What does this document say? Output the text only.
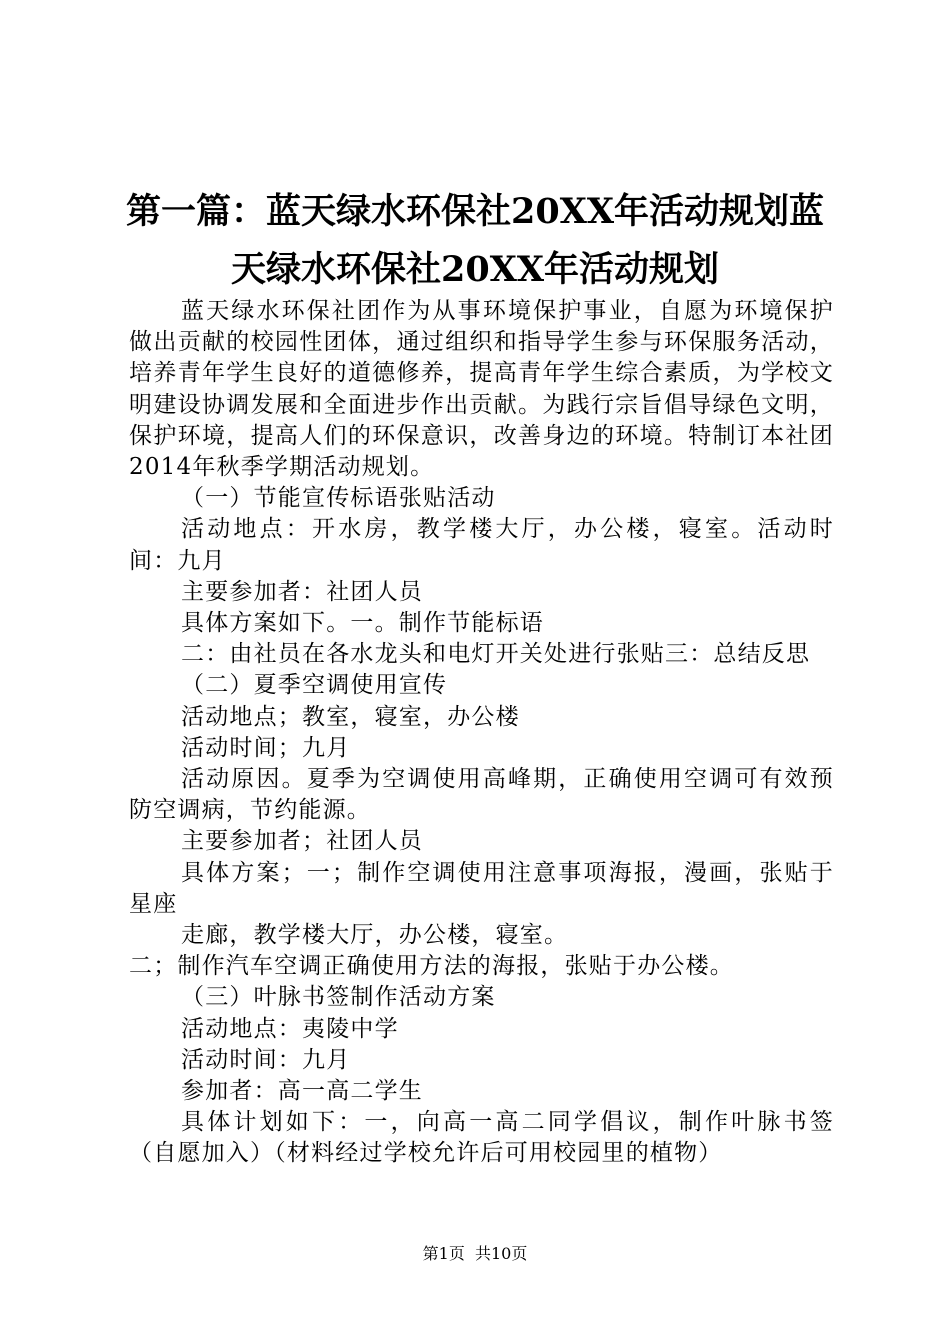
第一篇：蓝天绿水环保社20XX年活动规划蓝
天绿水环保社20XX年活动规划

蓝天绿水环保社团作为从事环境保护事业，自愿为环境保护做出贡献的校园性团体，通过组织和指导学生参与环保服务活动，培养青年学生良好的道德修养，提高青年学生综合素质，为学校文明建设协调发展和全面进步作出贡献。为践行宗旨倡导绿色文明，保护环境，提高人们的环保意识，改善身边的环境。特制订本社团2014年秋季学期活动规划。

（一）节能宣传标语张贴活动

活动地点：开水房，教学楼大厅，办公楼，寝室。活动时间：九月

主要参加者：社团人员

具体方案如下。一。制作节能标语

二：由社员在各水龙头和电灯开关处进行张贴三：总结反思

（二）夏季空调使用宣传

活动地点；教室，寝室，办公楼

活动时间；九月

活动原因。夏季为空调使用高峰期，正确使用空调可有效预防空调病，节约能源。

主要参加者；社团人员

具体方案；一；制作空调使用注意事项海报，漫画，张贴于星座

走廊，教学楼大厅，办公楼，寝室。

二；制作汽车空调正确使用方法的海报，张贴于办公楼。

（三）叶脉书签制作活动方案

活动地点：夷陵中学

活动时间：九月

参加者：高一高二学生

具体计划如下：一，向高一高二同学倡议，制作叶脉书签（自愿加入）（材料经过学校允许后可用校园里的植物）

第1页  共10页
